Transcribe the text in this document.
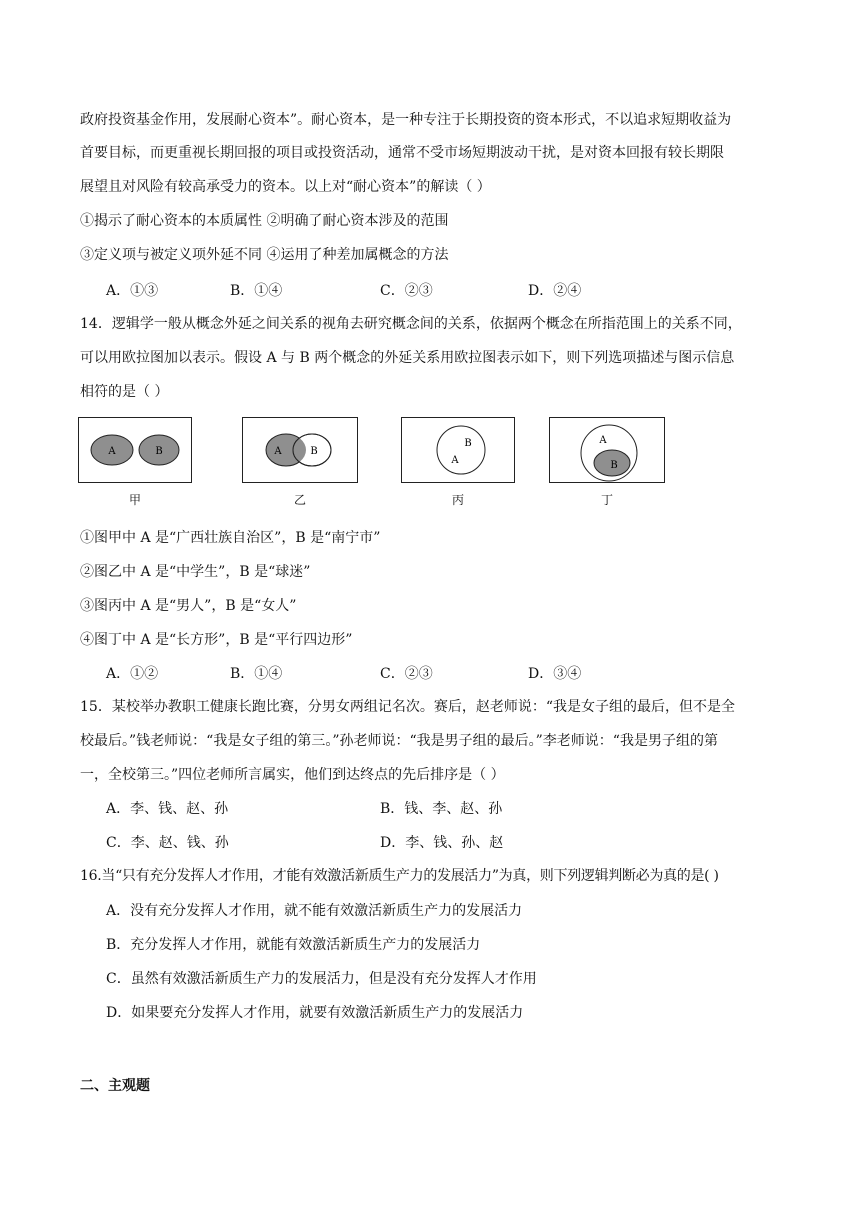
政府投资基金作用，发展耐心资本”。耐心资本，是一种专注于长期投资的资本形式，不以追求短期收益为
首要目标，而更重视长期回报的项目或投资活动，通常不受市场短期波动干扰，是对资本回报有较长期限
展望且对风险有较高承受力的资本。以上对“耐心资本”的解读（ ）
①揭示了耐心资本的本质属性 ②明确了耐心资本涉及的范围
③定义项与被定义项外延不同 ④运用了种差加属概念的方法
A．①③	B．①④	C．②③	D．②④
14．逻辑学一般从概念外延之间关系的视角去研究概念间的关系，依据两个概念在所指范围上的关系不同，
可以用欧拉图加以表示。假设 A 与 B 两个概念的外延关系用欧拉图表示如下，则下列选项描述与图示信息
相符的是（ ）
A	B
甲
A	B
乙
A
B
丙
A
B
丁
①图甲中 A 是“广西壮族自治区”，B 是“南宁市”
②图乙中 A 是“中学生”，B 是“球迷”
③图丙中 A 是“男人”，B 是“女人”
④图丁中 A 是“长方形”，B 是“平行四边形”
A．①②	B．①④	C．②③	D．③④
15．某校举办教职工健康长跑比赛，分男女两组记名次。赛后，赵老师说：“我是女子组的最后，但不是全
校最后。”钱老师说：“我是女子组的第三。”孙老师说：“我是男子组的最后。”李老师说：“我是男子组的第
一，全校第三。”四位老师所言属实，他们到达终点的先后排序是（ ）
A．李、钱、赵、孙	B．钱、李、赵、孙
C．李、赵、钱、孙	D．李、钱、孙、赵
16.当“只有充分发挥人才作用，才能有效激活新质生产力的发展活力”为真，则下列逻辑判断必为真的是( )
A．没有充分发挥人才作用，就不能有效激活新质生产力的发展活力
B．充分发挥人才作用，就能有效激活新质生产力的发展活力
C．虽然有效激活新质生产力的发展活力，但是没有充分发挥人才作用
D．如果要充分发挥人才作用，就要有效激活新质生产力的发展活力
二、主观题
